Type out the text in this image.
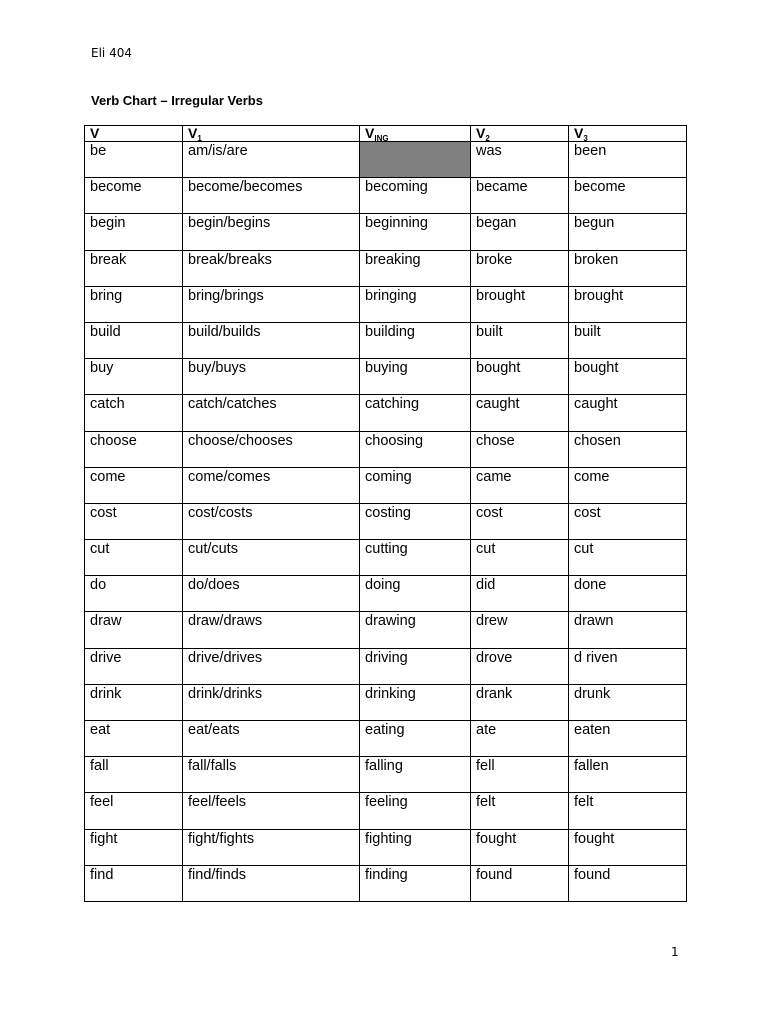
Eli 404
Verb Chart – Irregular Verbs
V	$V_1$	$V_{ING}$	$V_2$	$V_3$
be	am/is/are		was	been
become	become/becomes	becoming	became	become
begin	begin/begins	beginning	began	begun
break	break/breaks	breaking	broke	broken
bring	bring/brings	bringing	brought	brought
build	build/builds	building	built	built
buy	buy/buys	buying	bought	bought
catch	catch/catches	catching	caught	caught
choose	choose/chooses	choosing	chose	chosen
come	come/comes	coming	came	come
cost	cost/costs	costing	cost	cost
cut	cut/cuts	cutting	cut	cut
do	do/does	doing	did	done
draw	draw/draws	drawing	drew	drawn
drive	drive/drives	driving	drove	d riven
drink	drink/drinks	drinking	drank	drunk
eat	eat/eats	eating	ate	eaten
fall	fall/falls	falling	fell	fallen
feel	feel/feels	feeling	felt	felt
fight	fight/fights	fighting	fought	fought
find	find/finds	finding	found	found
1
